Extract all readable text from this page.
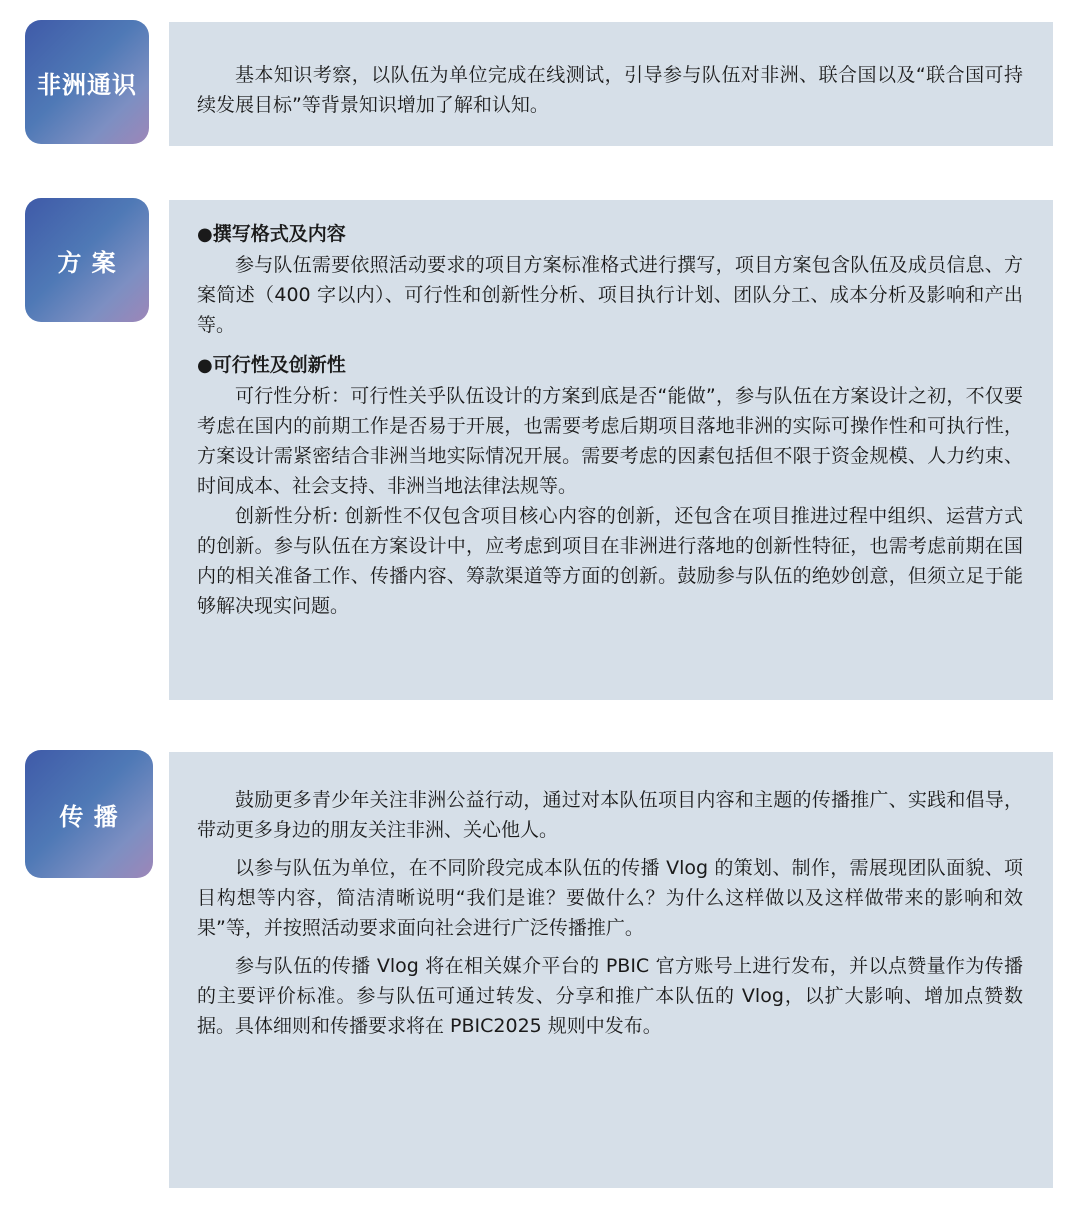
非洲通识	基本知识考察，以队伍为单位完成在线测试，引导参与队伍对非洲、联合国以及“联合国可持续发展目标”等背景知识增加了解和认知。

方 案
●撰写格式及内容

参与队伍需要依照活动要求的项目方案标准格式进行撰写，项目方案包含队伍及成员信息、方案简述（400 字以内）、可行性和创新性分析、项目执行计划、团队分工、成本分析及影响和产出等。

●可行性及创新性

可行性分析：可行性关乎队伍设计的方案到底是否“能做”，参与队伍在方案设计之初，不仅要考虑在国内的前期工作是否易于开展，也需要考虑后期项目落地非洲的实际可操作性和可执行性，方案设计需紧密结合非洲当地实际情况开展。需要考虑的因素包括但不限于资金规模、人力约束、时间成本、社会支持、非洲当地法律法规等。

创新性分析: 创新性不仅包含项目核心内容的创新，还包含在项目推进过程中组织、运营方式的创新。参与队伍在方案设计中，应考虑到项目在非洲进行落地的创新性特征，也需考虑前期在国内的相关准备工作、传播内容、筹款渠道等方面的创新。鼓励参与队伍的绝妙创意，但须立足于能够解决现实问题。

传 播

鼓励更多青少年关注非洲公益行动，通过对本队伍项目内容和主题的传播推广、实践和倡导，带动更多身边的朋友关注非洲、关心他人。

以参与队伍为单位，在不同阶段完成本队伍的传播 Vlog 的策划、制作，需展现团队面貌、项目构想等内容，简洁清晰说明“我们是谁？要做什么？为什么这样做以及这样做带来的影响和效果”等，并按照活动要求面向社会进行广泛传播推广。

参与队伍的传播 Vlog 将在相关媒介平台的 PBIC 官方账号上进行发布，并以点赞量作为传播的主要评价标准。参与队伍可通过转发、分享和推广本队伍的 Vlog，以扩大影响、增加点赞数据。具体细则和传播要求将在 PBIC2025 规则中发布。
